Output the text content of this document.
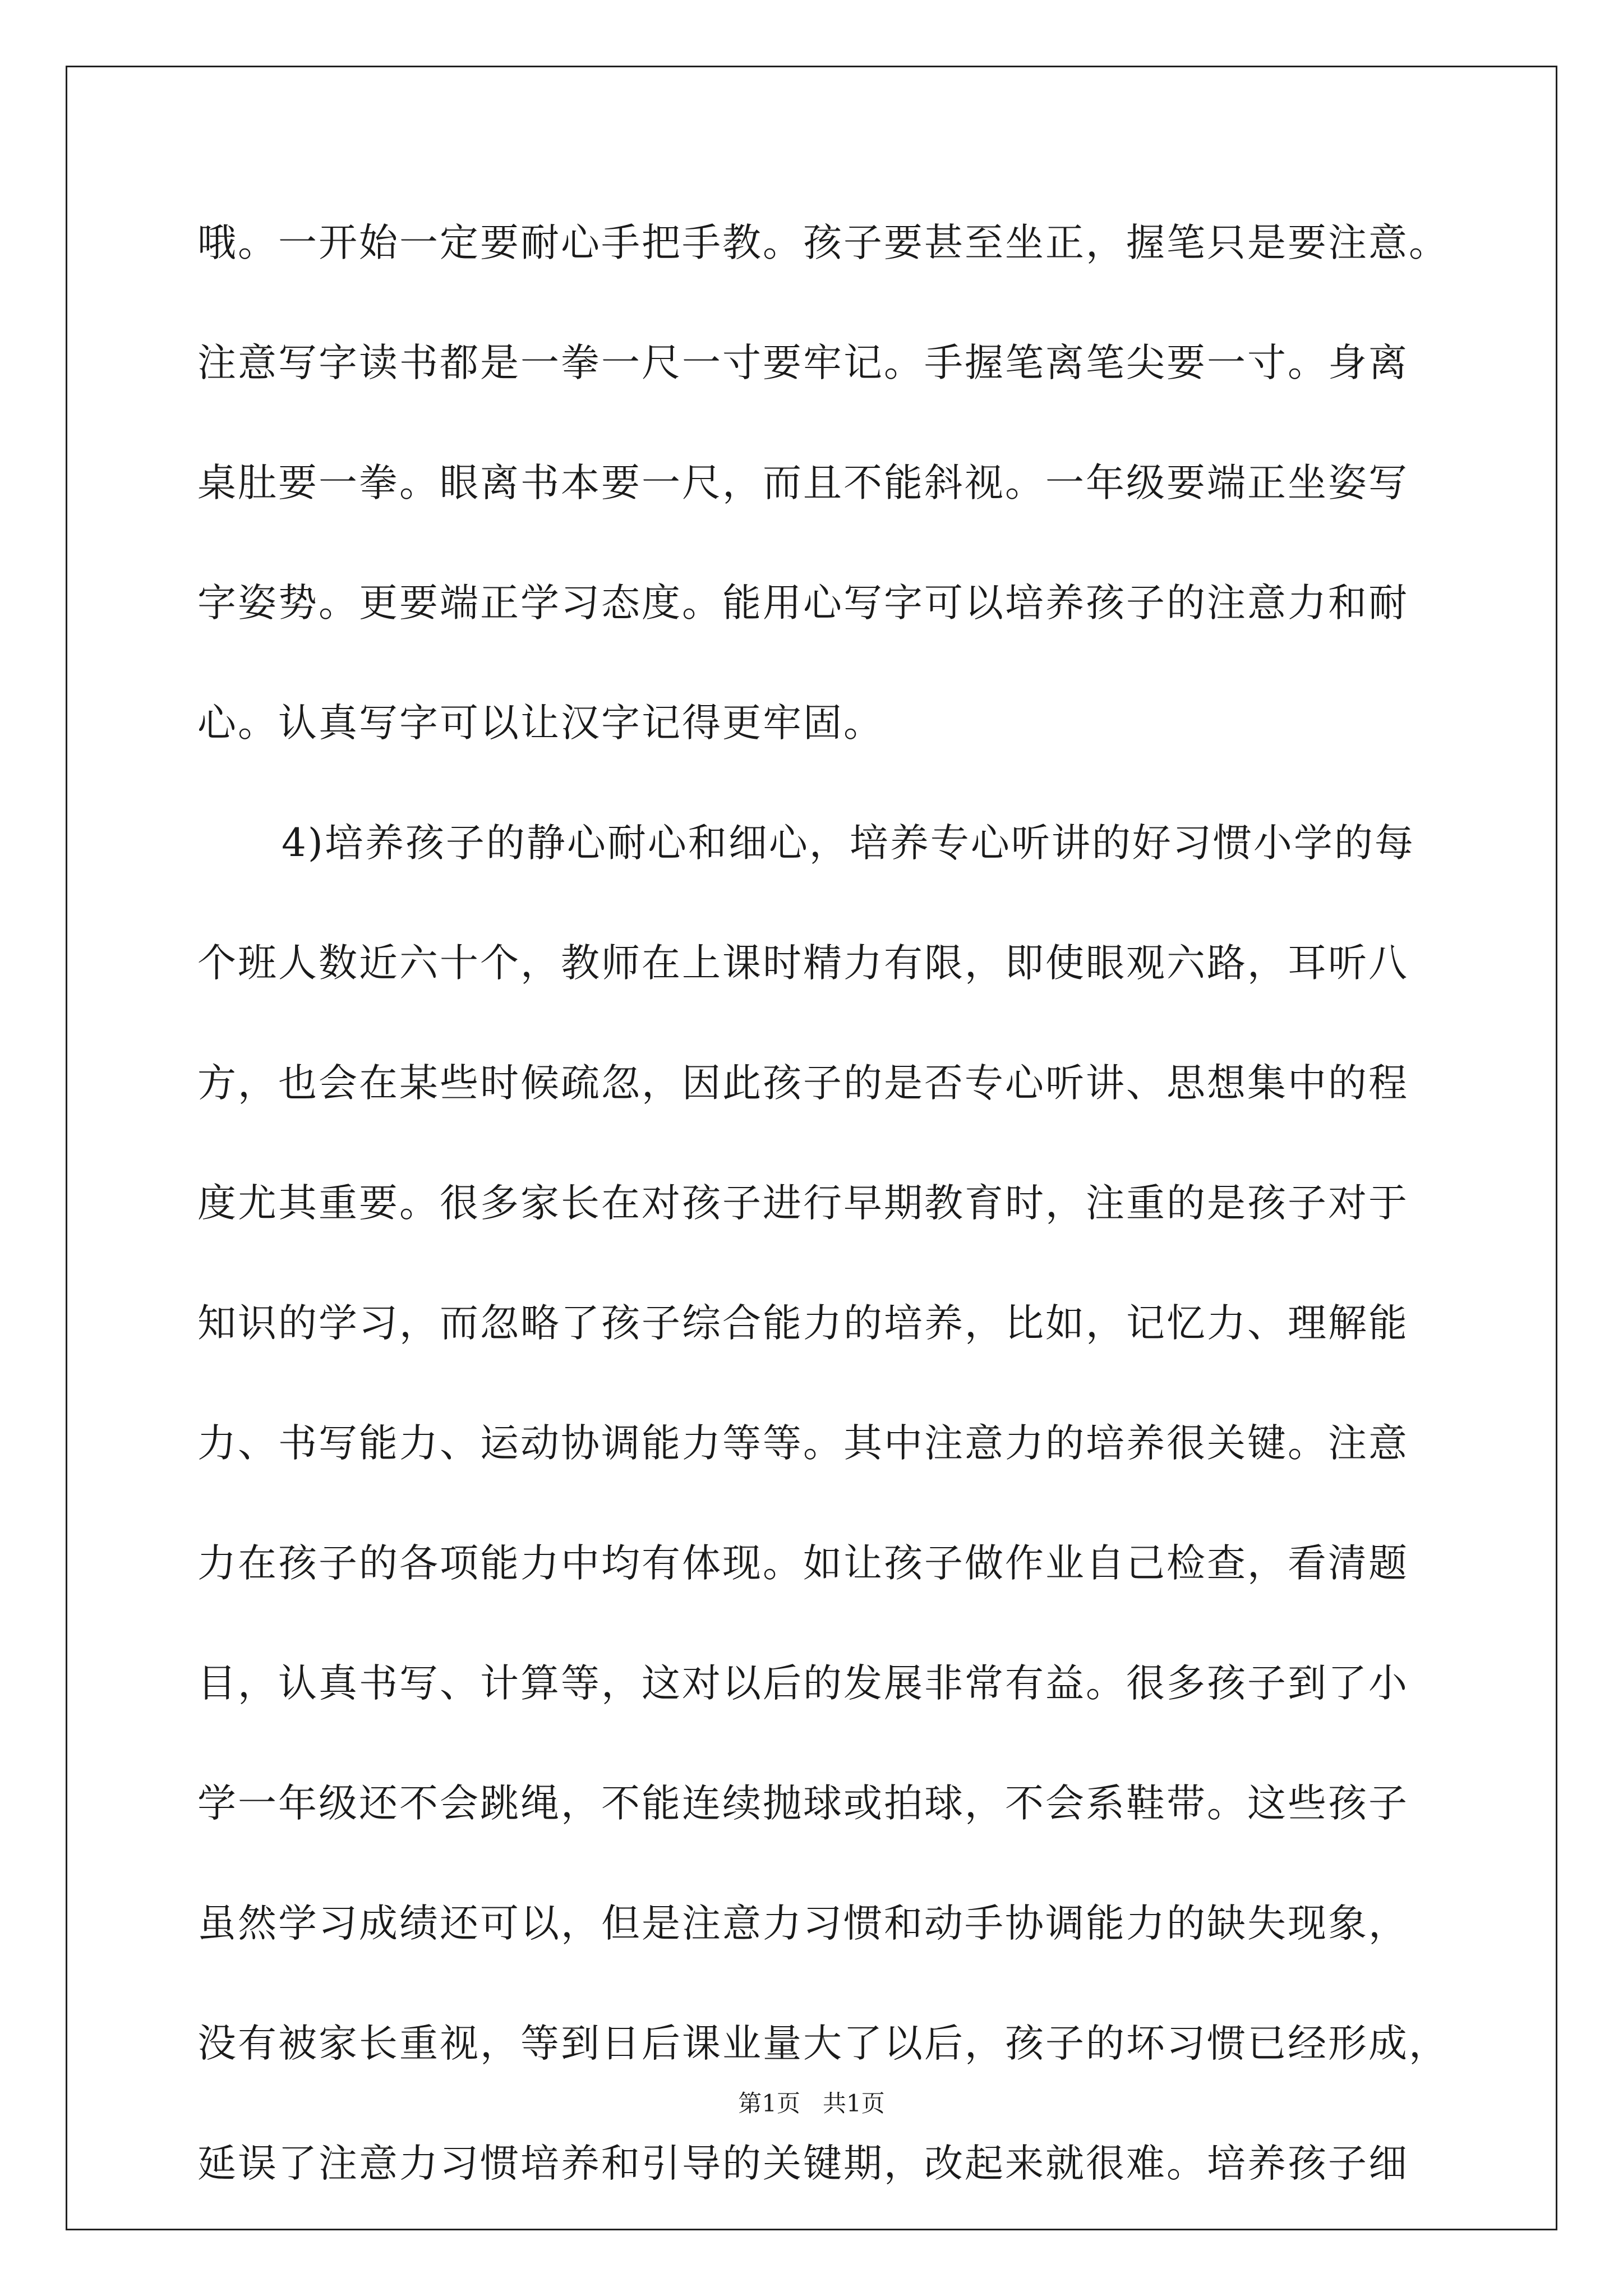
哦。一开始一定要耐心手把手教。孩子要甚至坐正，握笔只是要注意。
注意写字读书都是一拳一尺一寸要牢记。手握笔离笔尖要一寸。身离
桌肚要一拳。眼离书本要一尺，而且不能斜视。一年级要端正坐姿写
字姿势。更要端正学习态度。能用心写字可以培养孩子的注意力和耐
心。认真写字可以让汉字记得更牢固。
4)培养孩子的静心耐心和细心，培养专心听讲的好习惯小学的每
个班人数近六十个，教师在上课时精力有限，即使眼观六路，耳听八
方，也会在某些时候疏忽，因此孩子的是否专心听讲、思想集中的程
度尤其重要。很多家长在对孩子进行早期教育时，注重的是孩子对于
知识的学习，而忽略了孩子综合能力的培养，比如，记忆力、理解能
力、书写能力、运动协调能力等等。其中注意力的培养很关键。注意
力在孩子的各项能力中均有体现。如让孩子做作业自己检查，看清题
目，认真书写、计算等，这对以后的发展非常有益。很多孩子到了小
学一年级还不会跳绳，不能连续抛球或拍球，不会系鞋带。这些孩子
虽然学习成绩还可以，但是注意力习惯和动手协调能力的缺失现象，
没有被家长重视，等到日后课业量大了以后，孩子的坏习惯已经形成，
延误了注意力习惯培养和引导的关键期，改起来就很难。培养孩子细
第1页   共1页
